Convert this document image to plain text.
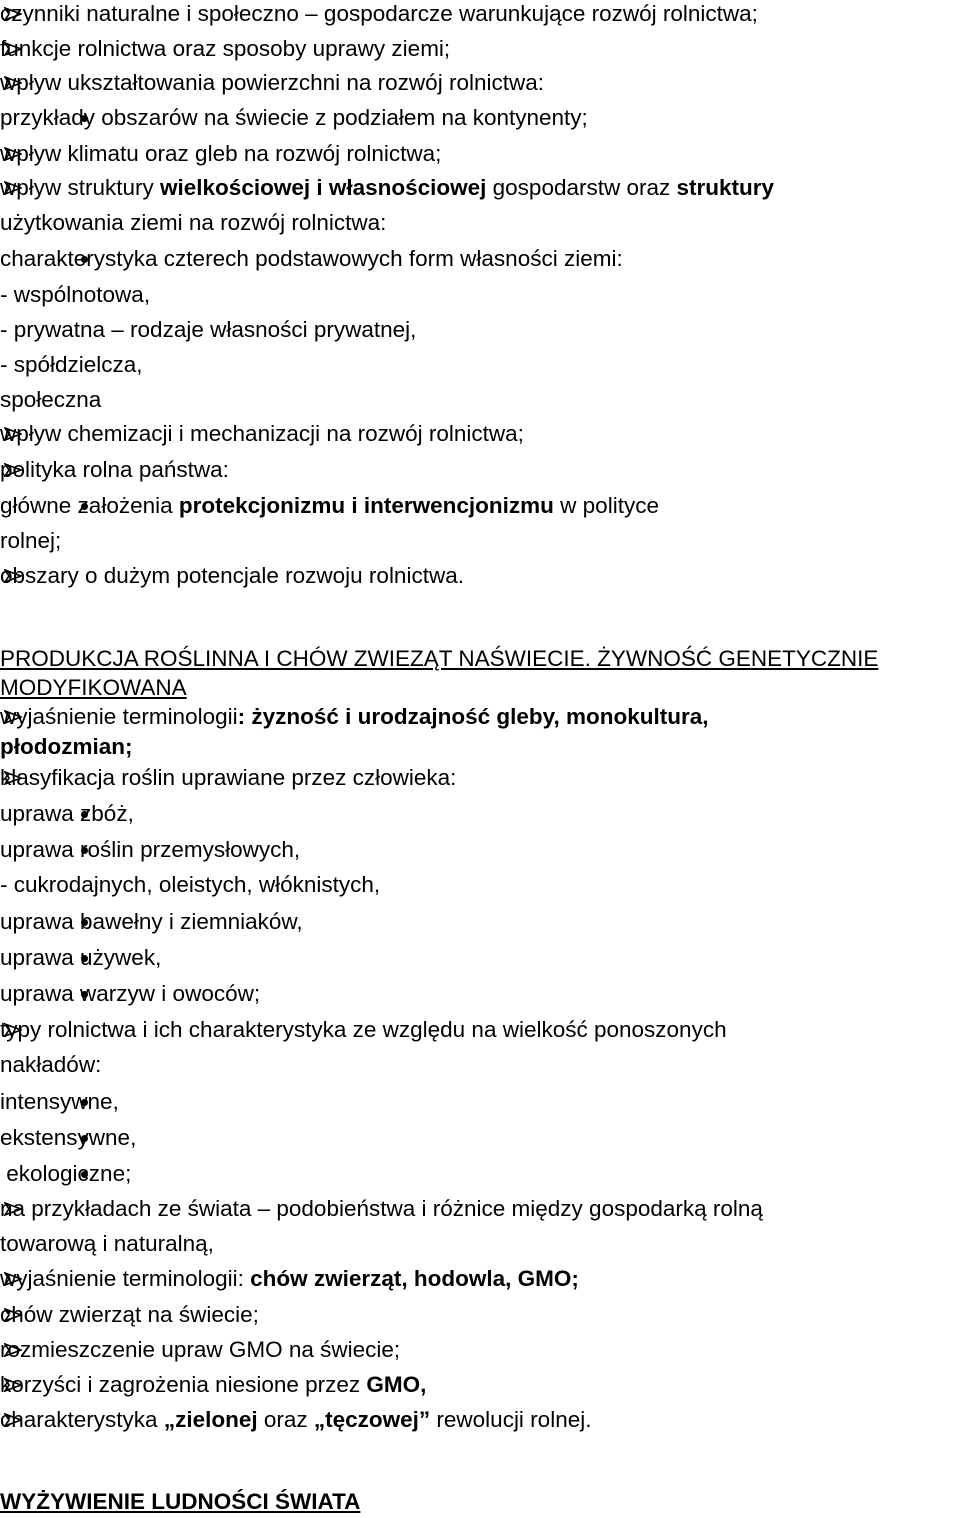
czynniki naturalne i społeczno – gospodarcze warunkujące rozwój rolnictwa;
funkcje rolnictwa oraz sposoby uprawy ziemi;
wpływ ukształtowania powierzchni na rozwój rolnictwa:
przykłady obszarów na świecie z podziałem na kontynenty;
wpływ klimatu oraz gleb na rozwój rolnictwa;
wpływ struktury wielkościowej i własnościowej gospodarstw oraz struktury
użytkowania ziemi na rozwój rolnictwa:
charakterystyka czterech podstawowych form własności ziemi:
- wspólnotowa,
- prywatna – rodzaje własności prywatnej,
- spółdzielcza,
społeczna
wpływ chemizacji i mechanizacji na rozwój rolnictwa;
polityka rolna państwa:
główne założenia protekcjonizmu i interwencjonizmu w polityce
rolnej;
obszary o dużym potencjale rozwoju rolnictwa.
PRODUKCJA ROŚLINNA I CHÓW ZWIEZĄT NAŚWIECIE. ŻYWNOŚĆ GENETYCZNIE
MODYFIKOWANA
wyjaśnienie terminologii: żyzność i urodzajność gleby, monokultura,
płodozmian;
klasyfikacja roślin uprawiane przez człowieka:
uprawa zbóż,
uprawa roślin przemysłowych,
- cukrodajnych, oleistych, włóknistych,
uprawa bawełny i ziemniaków,
uprawa używek,
uprawa warzyw i owoców;
typy rolnictwa i ich charakterystyka ze względu na wielkość ponoszonych
nakładów:
intensywne,
ekstensywne,
ekologiczne;
na przykładach ze świata – podobieństwa i różnice między gospodarką rolną
towarową i naturalną,
wyjaśnienie terminologii: chów zwierząt, hodowla, GMO;
chów zwierząt na świecie;
rozmieszczenie upraw GMO na świecie;
korzyści i zagrożenia niesione przez GMO,
charakterystyka „zielonej oraz „tęczowej” rewolucji rolnej.
WYŻYWIENIE LUDNOŚCI ŚWIATA
